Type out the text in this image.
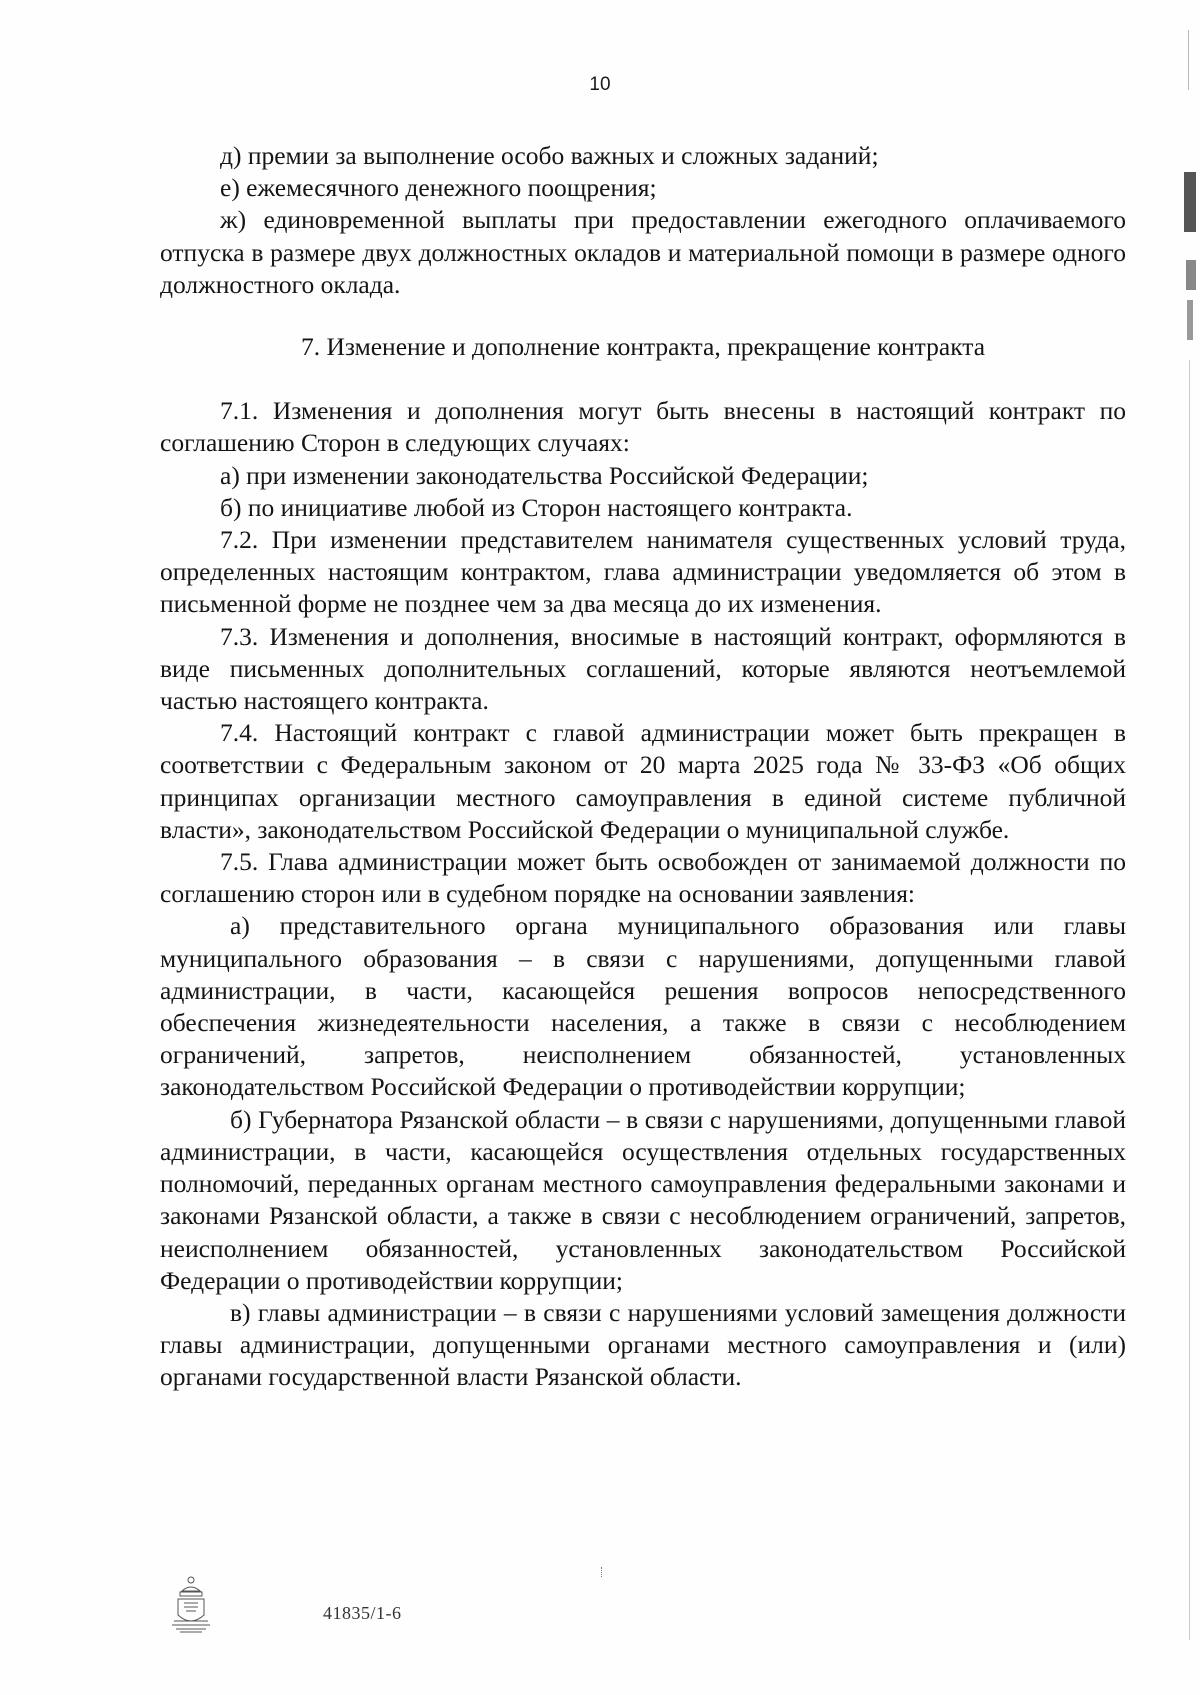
10

д) премии за выполнение особо важных и сложных заданий;

е) ежемесячного денежного поощрения;

ж) единовременной выплаты при предоставлении ежегодного оплачиваемого отпуска в размере двух должностных окладов и материальной помощи в размере одного должностного оклада.

7. Изменение и дополнение контракта, прекращение контракта

7.1. Изменения и дополнения могут быть внесены в настоящий контракт по соглашению Сторон в следующих случаях:

а) при изменении законодательства Российской Федерации;

б) по инициативе любой из Сторон настоящего контракта.

7.2. При изменении представителем нанимателя существенных условий труда, определенных настоящим контрактом, глава администрации уведомляется об этом в письменной форме не позднее чем за два месяца до их изменения.

7.3. Изменения и дополнения, вносимые в настоящий контракт, оформляются в виде письменных дополнительных соглашений, которые являются неотъемлемой частью настоящего контракта.

7.4. Настоящий контракт с главой администрации может быть прекращен в соответствии с Федеральным законом от 20 марта 2025 года № 33-ФЗ «Об общих принципах организации местного самоуправления в единой системе публичной власти», законодательством Российской Федерации о муниципальной службе.

7.5. Глава администрации может быть освобожден от занимаемой должности по соглашению сторон или в судебном порядке на основании заявления:

а) представительного органа муниципального образования или главы муниципального образования – в связи с нарушениями, допущенными главой администрации, в части, касающейся решения вопросов непосредственного обеспечения жизнедеятельности населения, а также в связи с несоблюдением ограничений, запретов, неисполнением обязанностей, установленных законодательством Российской Федерации о противодействии коррупции;

б) Губернатора Рязанской области – в связи с нарушениями, допущенными главой администрации, в части, касающейся осуществления отдельных государственных полномочий, переданных органам местного самоуправления федеральными законами и законами Рязанской области, а также в связи с несоблюдением ограничений, запретов, неисполнением обязанностей, установленных законодательством Российской Федерации о противодействии коррупции;

в) главы администрации – в связи с нарушениями условий замещения должности главы администрации, допущенными органами местного самоуправления и (или) органами государственной власти Рязанской области.

41835/1-6
